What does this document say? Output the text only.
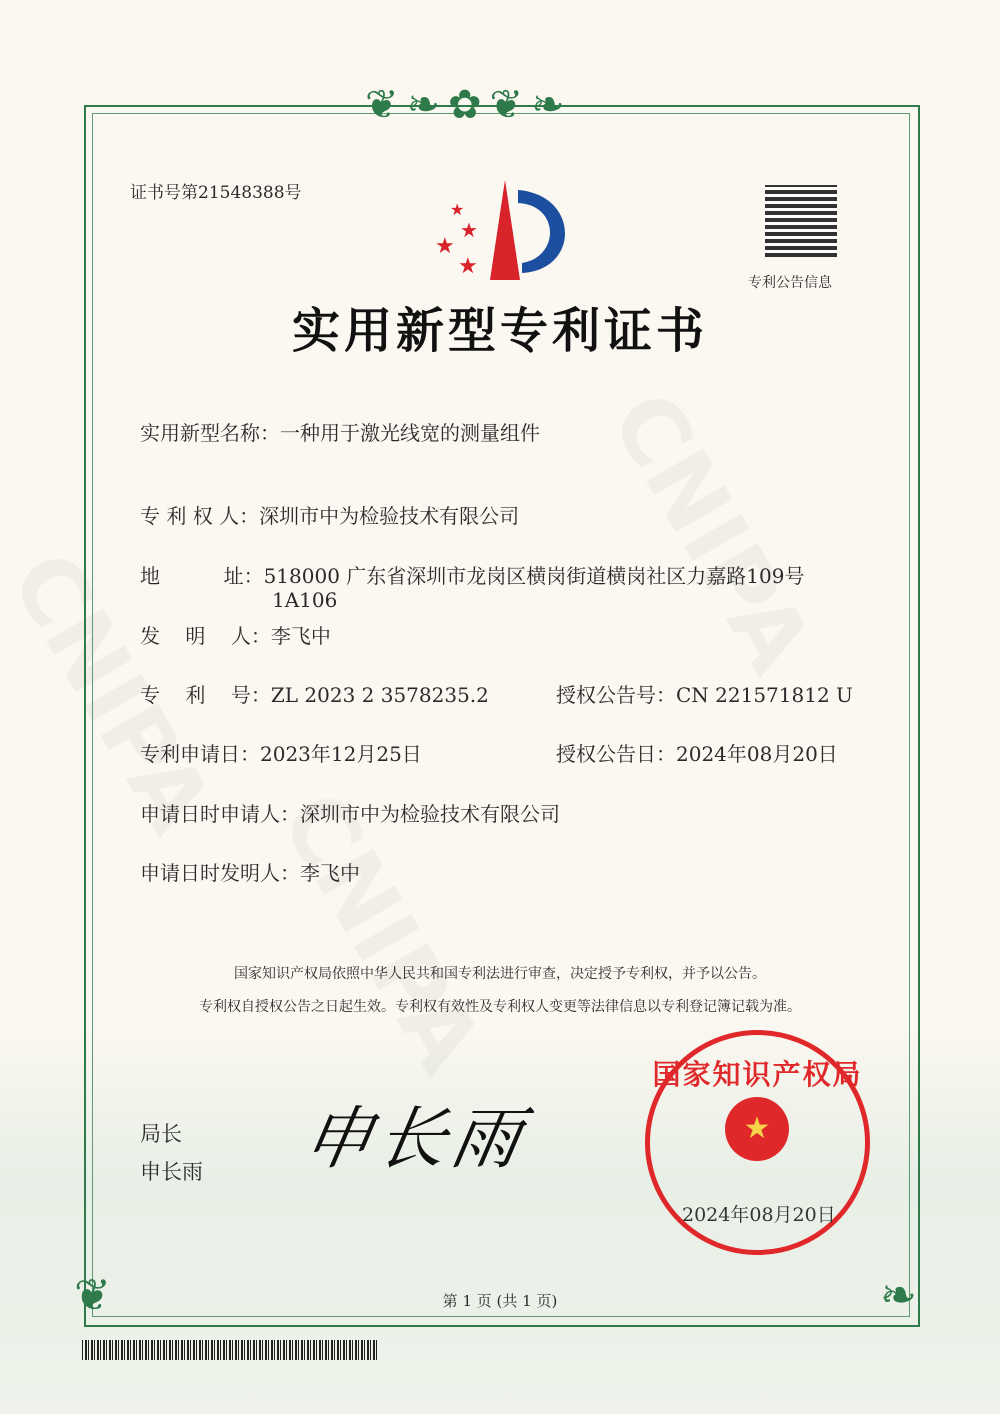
❦❧✿❦❧
❦	❧
证书号第21548388号
★
★
★
★
专利公告信息
实用新型专利证书
实用新型名称：一种用于激光线宽的测量组件
专 利 权 人：深圳市中为检验技术有限公司
地          址：518000 广东省深圳市龙岗区横岗街道横岗社区力嘉路109号
1A106
发    明    人：李飞中
专    利    号：ZL 2023 2 3578235.2
专利申请日：2023年12月25日
申请日时申请人：深圳市中为检验技术有限公司
申请日时发明人：李飞中
授权公告号：CN 221571812 U
授权公告日：2024年08月20日
国家知识产权局依照中华人民共和国专利法进行审查，决定授予专利权，并予以公告。
专利权自授权公告之日起生效。专利权有效性及专利权人变更等法律信息以专利登记簿记载为准。
局长
申长雨 申长雨
国家知识产权局
★
2024年08月20日
第 1 页 (共 1 页)
